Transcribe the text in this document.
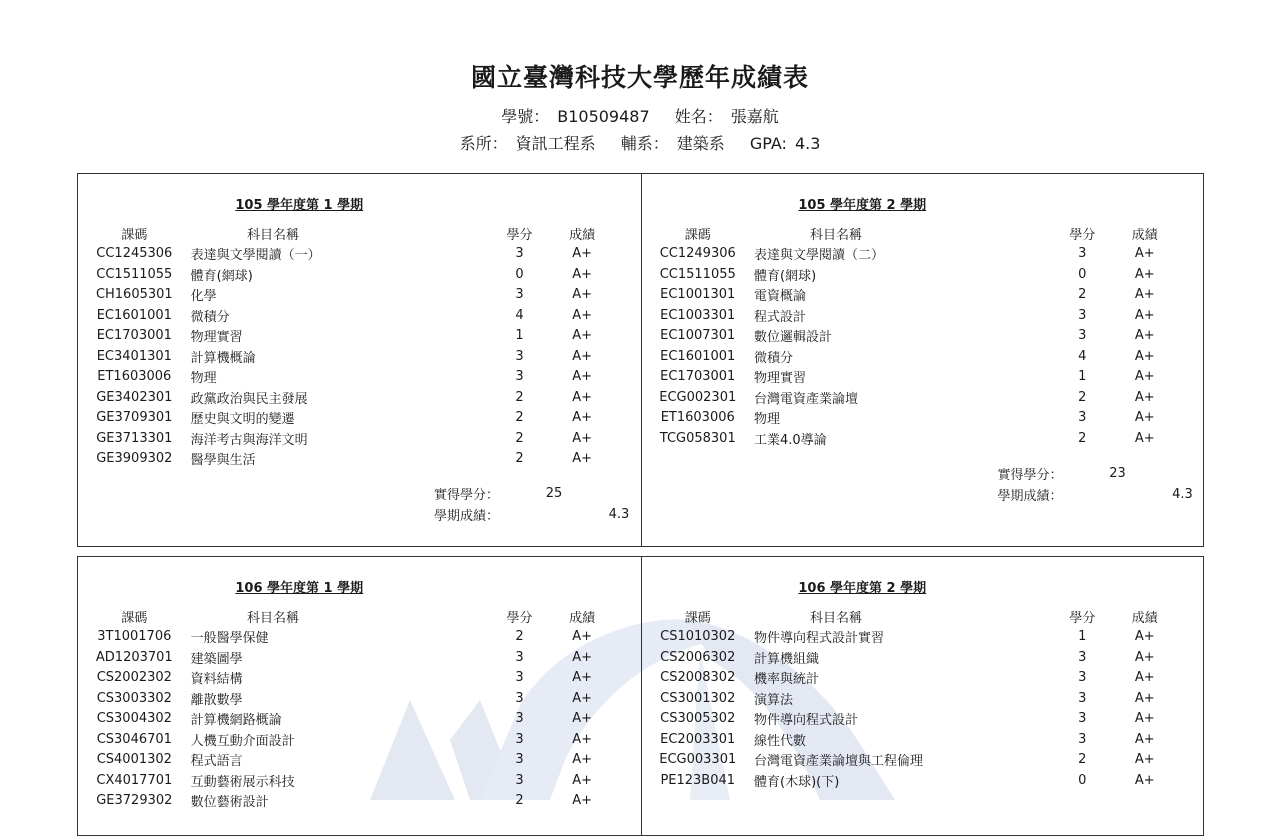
國立臺灣科技大學歷年成績表
學號： B10509487 姓名： 張嘉航
系所： 資訊工程系 輔系： 建築系 GPA: 4.3
105 學年度第 1 學期
課碼	科目名稱	學分	成績
CC1245306	表達與文學閱讀（一）	3	A+
CC1511055	體育(網球)	0	A+
CH1605301	化學	3	A+
EC1601001	微積分	4	A+
EC1703001	物理實習	1	A+
EC3401301	計算機概論	3	A+
ET1603006	物理	3	A+
GE3402301	政黨政治與民主發展	2	A+
GE3709301	歷史與文明的變遷	2	A+
GE3713301	海洋考古與海洋文明	2	A+
GE3909302	醫學與生活	2	A+
實得學分：	25
學期成績：	4.3
105 學年度第 2 學期
課碼	科目名稱	學分	成績
CC1249306	表達與文學閱讀（二）	3	A+
CC1511055	體育(網球)	0	A+
EC1001301	電資概論	2	A+
EC1003301	程式設計	3	A+
EC1007301	數位邏輯設計	3	A+
EC1601001	微積分	4	A+
EC1703001	物理實習	1	A+
ECG002301	台灣電資產業論壇	2	A+
ET1603006	物理	3	A+
TCG058301	工業4.0導論	2	A+
實得學分：	23
學期成績：	4.3
106 學年度第 1 學期
課碼	科目名稱	學分	成績
3T1001706	一般醫學保健	2	A+
AD1203701	建築圖學	3	A+
CS2002302	資料結構	3	A+
CS3003302	離散數學	3	A+
CS3004302	計算機網路概論	3	A+
CS3046701	人機互動介面設計	3	A+
CS4001302	程式語言	3	A+
CX4017701	互動藝術展示科技	3	A+
GE3729302	數位藝術設計	2	A+
106 學年度第 2 學期
課碼	科目名稱	學分	成績
CS1010302	物件導向程式設計實習	1	A+
CS2006302	計算機組織	3	A+
CS2008302	機率與統計	3	A+
CS3001302	演算法	3	A+
CS3005302	物件導向程式設計	3	A+
EC2003301	線性代數	3	A+
ECG003301	台灣電資產業論壇與工程倫理	2	A+
PE123B041	體育(木球)(下)	0	A+
